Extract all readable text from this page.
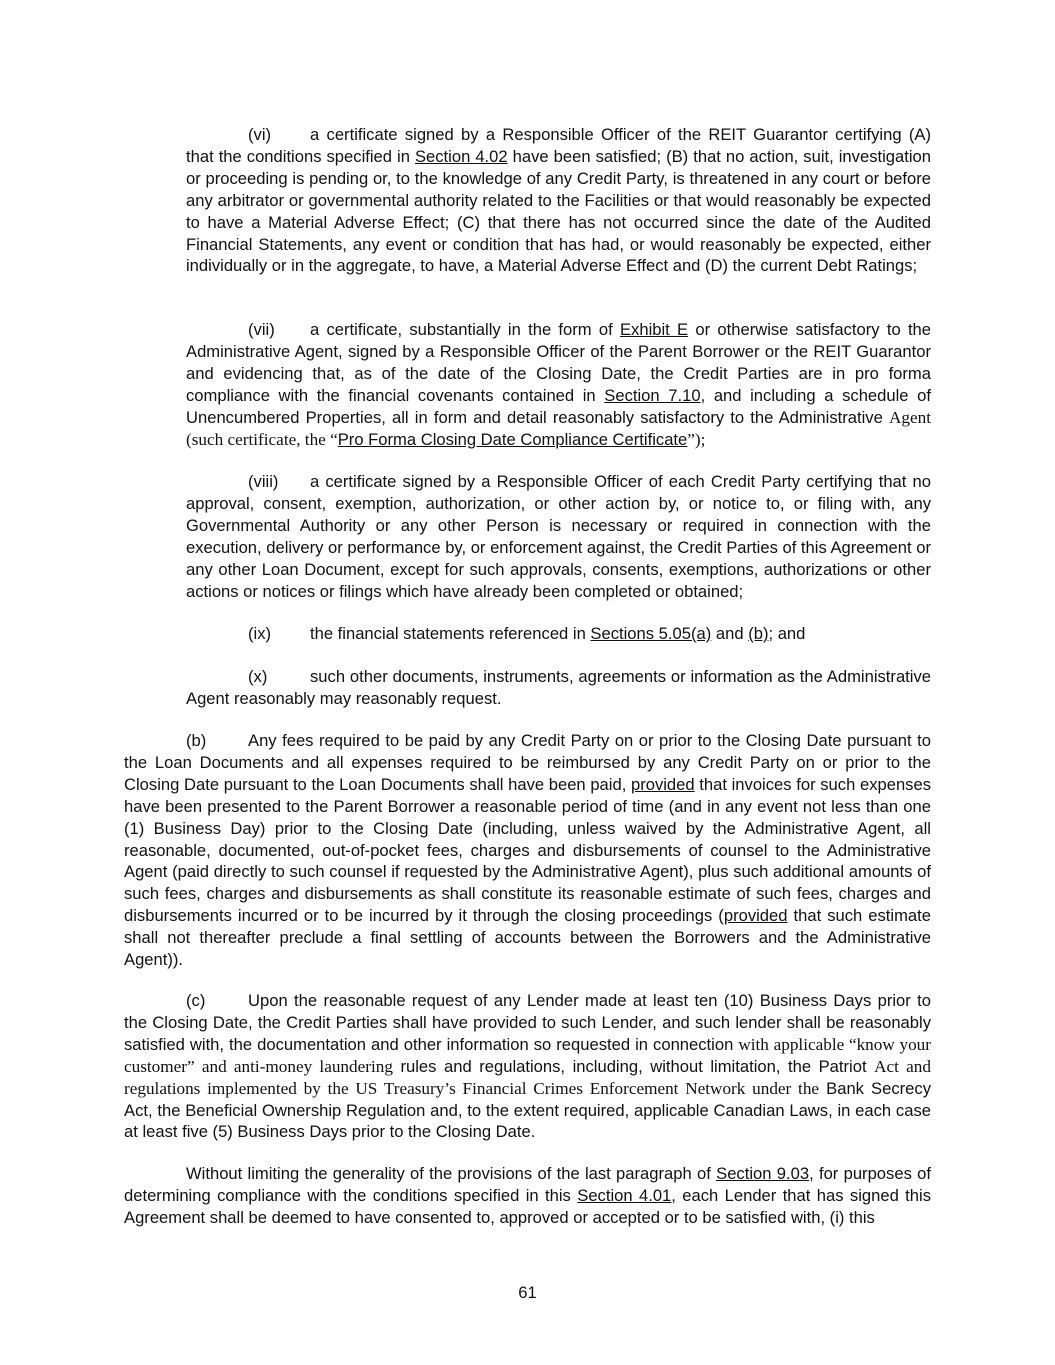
(vi) a certificate signed by a Responsible Officer of the REIT Guarantor certifying (A) that the conditions specified in Section 4.02 have been satisfied; (B) that no action, suit, investigation or proceeding is pending or, to the knowledge of any Credit Party, is threatened in any court or before any arbitrator or governmental authority related to the Facilities or that would reasonably be expected to have a Material Adverse Effect; (C) that there has not occurred since the date of the Audited Financial Statements, any event or condition that has had, or would reasonably be expected, either individually or in the aggregate, to have, a Material Adverse Effect and (D) the current Debt Ratings;

(vii) a certificate, substantially in the form of Exhibit E or otherwise satisfactory to the Administrative Agent, signed by a Responsible Officer of the Parent Borrower or the REIT Guarantor and evidencing that, as of the date of the Closing Date, the Credit Parties are in pro forma compliance with the financial covenants contained in Section 7.10, and including a schedule of Unencumbered Properties, all in form and detail reasonably satisfactory to the Administrative Agent (such certificate, the “Pro Forma Closing Date Compliance Certificate”);

(viii) a certificate signed by a Responsible Officer of each Credit Party certifying that no approval, consent, exemption, authorization, or other action by, or notice to, or filing with, any Governmental Authority or any other Person is necessary or required in connection with the execution, delivery or performance by, or enforcement against, the Credit Parties of this Agreement or any other Loan Document, except for such approvals, consents, exemptions, authorizations or other actions or notices or filings which have already been completed or obtained;

(ix) the financial statements referenced in Sections 5.05(a) and (b); and

(x)	such other documents, instruments, agreements or information as the Administrative Agent reasonably may reasonably request.

(b)	Any fees required to be paid by any Credit Party on or prior to the Closing Date pursuant to the Loan Documents and all expenses required to be reimbursed by any Credit Party on or prior to the Closing Date pursuant to the Loan Documents shall have been paid, provided that invoices for such expenses have been presented to the Parent Borrower a reasonable period of time (and in any event not less than one (1) Business Day) prior to the Closing Date (including, unless waived by the Administrative Agent, all reasonable, documented, out-of-pocket fees, charges and disbursements of counsel to the Administrative Agent (paid directly to such counsel if requested by the Administrative Agent), plus such additional amounts of such fees, charges and disbursements as shall constitute its reasonable estimate of such fees, charges and disbursements incurred or to be incurred by it through the closing proceedings (provided that such estimate shall not thereafter preclude a final settling of accounts between the Borrowers and the Administrative Agent)).

(c)	Upon the reasonable request of any Lender made at least ten (10) Business Days prior to the Closing Date, the Credit Parties shall have provided to such Lender, and such lender shall be reasonably satisfied with, the documentation and other information so requested in connection with applicable “know your customer” and anti-money laundering rules and regulations, including, without limitation, the Patriot Act and regulations implemented by the US Treasury’s Financial Crimes Enforcement Network under the Bank Secrecy Act, the Beneficial Ownership Regulation and, to the extent required, applicable Canadian Laws, in each case at least five (5) Business Days prior to the Closing Date.

Without limiting the generality of the provisions of the last paragraph of Section 9.03, for purposes of determining compliance with the conditions specified in this Section 4.01, each Lender that has signed this Agreement shall be deemed to have consented to, approved or accepted or to be satisfied with, (i) this

61
